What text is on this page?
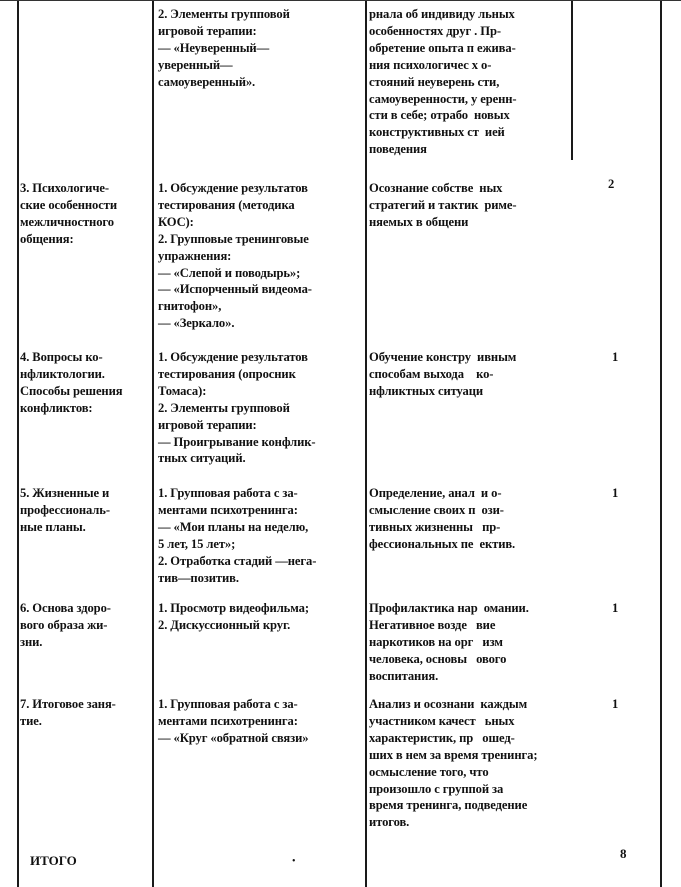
2. Элементы групповой
игровой терапии:
— «Неуверенный—
уверенный—
самоуверенный».
рнала об индивиду льных
особенностях друг . Пр-
обретение опыта п ежива-
ния психологичес х о-
стояний неуверень сти,
самоуверенности, у еренн-
сти в себе; отрабо  новых
конструктивных ст  ией
поведения
3. Психологиче-
ские особенности
межличностного
общения:
1. Обсуждение результатов
тестирования (методика
КОС):
2. Групповые тренинговые
упражнения:
— «Слепой и поводырь»;
— «Испорченный видеома-
гнитофон»,
— «Зеркало».
Осознание собстве  ных
стратегий и тактик  риме-
няемых в общени
2
4. Вопросы ко-
нфликтологии.
Способы решения
конфликтов:
1. Обсуждение результатов
тестирования (опросник
Томаса):
2. Элементы групповой
игровой терапии:
— Проигрывание конфлик-
тных ситуаций.
Обучение констру  ивным
способам выхода    ко-
нфликтных ситуаци
1
5. Жизненные и
профессиональ-
ные планы.
1. Групповая работа с за-
ментами психотренинга:
— «Мои планы на неделю,
5 лет, 15 лет»;
2. Отработка стадий —нега-
тив—позитив.
Определение, анал  и о-
смысление своих п  ози-
тивных жизненны   пр-
фессиональных пе  ектив.
1
6. Основа здоро-
вого образа жи-
зни.
1. Просмотр видеофильма;
2. Дискуссионный круг.
Профилактика нар  омании.
Негативное возде   вие
наркотиков на орг   изм
человека, основы   ового
воспитания.
1
7. Итоговое заня-
тие.
1. Групповая работа с за-
ментами психотренинга:
— «Круг «обратной связи»
Анализ и осознани  каждым
участником качест   ьных
характеристик, пр   ошед-
ших в нем за время тренинга;
осмысление того, что
произошло с группой за
время тренинга, подведение
итогов.
1
ИТОГО	8
•
